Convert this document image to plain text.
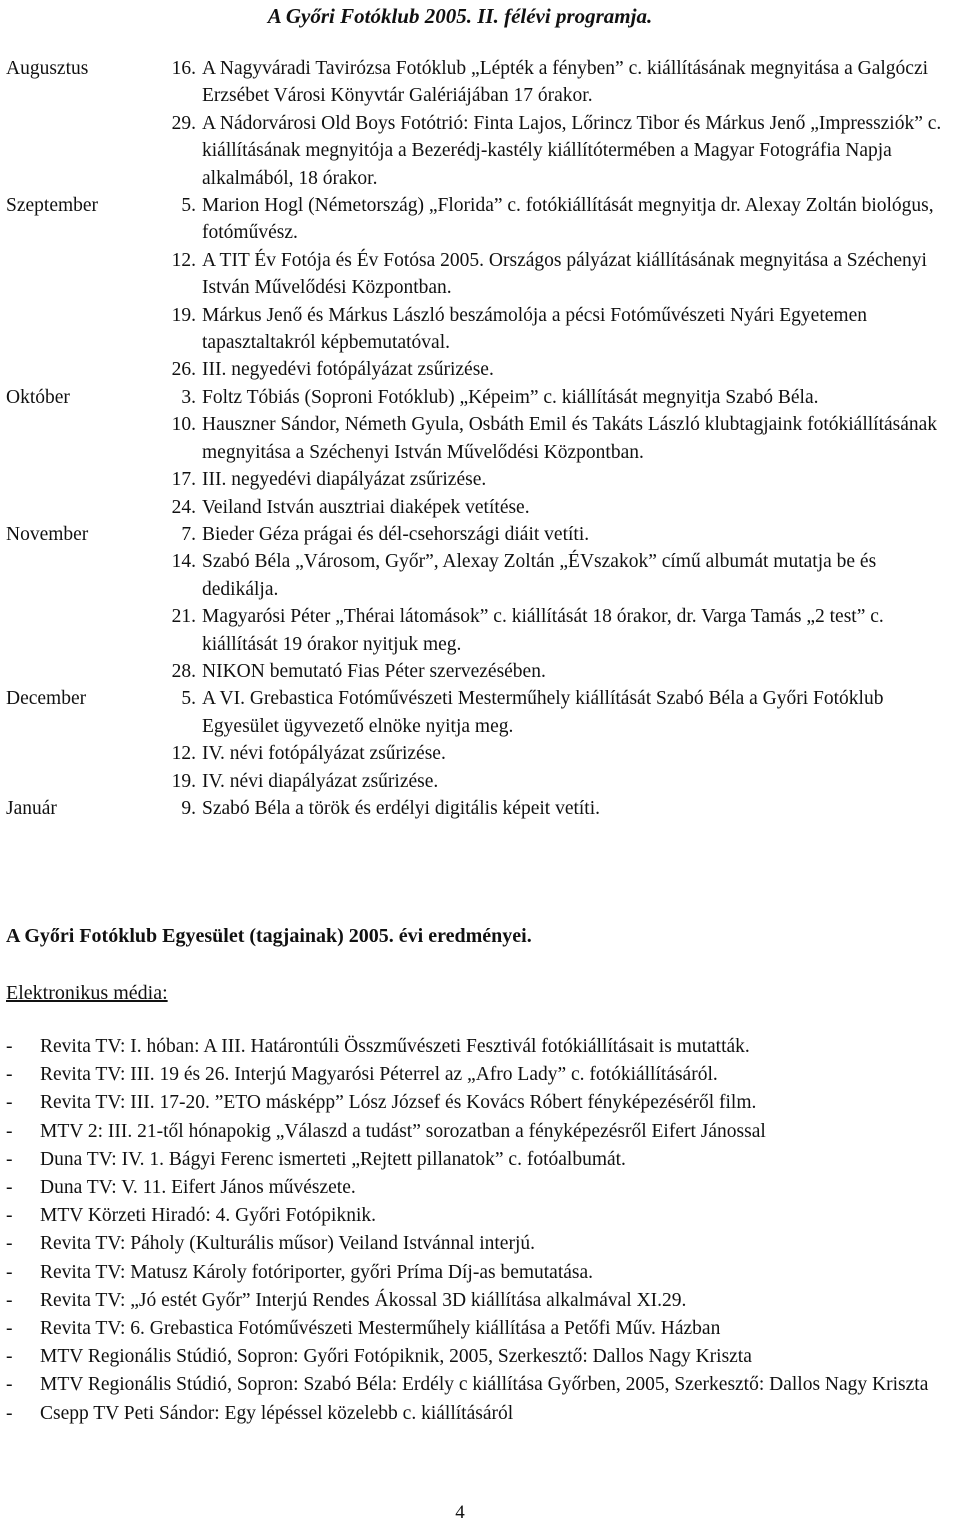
A Győri Fotóklub 2005. II. félévi programja.
Augusztus	16. A Nagyváradi Tavirózsa Fotóklub „Lépték a fényben” c. kiállításának megnyitása a Galgóczi Erzsébet Városi Könyvtár Galériájában 17 órakor.
29. A Nádorvárosi Old Boys Fotótrió: Finta Lajos, Lőrincz Tibor és Márkus Jenő „Impressziók” c. kiállításának megnyitója a Bezerédj-kastély kiállítótermében a Magyar Fotográfia Napja alkalmából, 18 órakor.
Szeptember	5. Marion Hogl (Németország) „Florida” c. fotókiállítását megnyitja dr. Alexay Zoltán biológus, fotóművész.
12. A TIT Év Fotója és Év Fotósa 2005. Országos pályázat kiállításának megnyitása a Széchenyi István Művelődési Központban.
19. Márkus Jenő és Márkus László beszámolója a pécsi Fotóművészeti Nyári Egyetemen tapasztaltakról képbemutatóval.
26. III. negyedévi fotópályázat zsűrizése.
Október	3. Foltz Tóbiás (Soproni Fotóklub) „Képeim” c. kiállítását megnyitja Szabó Béla.
10. Hauszner Sándor, Németh Gyula, Osbáth Emil és Takáts László klubtagjaink fotókiállításának megnyitása a Széchenyi István Művelődési Központban.
17. III. negyedévi diapályázat zsűrizése.
24. Veiland István ausztriai diaképek vetítése.
November	7. Bieder Géza prágai és dél-csehországi diáit vetíti.
14. Szabó Béla „Városom, Győr”, Alexay Zoltán „ÉVszakok” című albumát mutatja be és dedikálja.
21. Magyarósi Péter „Thérai látomások” c. kiállítását 18 órakor, dr. Varga Tamás „2 test” c. kiállítását 19 órakor nyitjuk meg.
28. NIKON bemutató Fias Péter szervezésében.
December	5. A VI. Grebastica Fotóművészeti Mesterműhely kiállítását Szabó Béla a Győri Fotóklub Egyesület ügyvezető elnöke nyitja meg.
12. IV. névi fotópályázat zsűrizése.
19. IV. névi diapályázat zsűrizése.
Január	9. Szabó Béla a török és erdélyi digitális képeit vetíti.
A Győri Fotóklub Egyesület (tagjainak) 2005. évi eredményei.
Elektronikus média:
-	Revita TV: I. hóban: A III. Határontúli Összművészeti Fesztivál fotókiállításait is mutatták.
-	Revita TV: III. 19 és 26. Interjú Magyarósi Péterrel az „Afro Lady” c. fotókiállításáról.
-	Revita TV: III. 17-20. ”ETO másképp” Lósz József és Kovács Róbert fényképezéséről film.
-	MTV 2: III. 21-től hónapokig „Válaszd a tudást” sorozatban a fényképezésről Eifert Jánossal
-	Duna TV: IV. 1. Bágyi Ferenc ismerteti „Rejtett pillanatok” c. fotóalbumát.
-	Duna TV: V. 11. Eifert János művészete.
-	MTV Körzeti Hiradó: 4. Győri Fotópiknik.
-	Revita TV: Páholy (Kulturális műsor) Veiland Istvánnal interjú.
-	Revita TV: Matusz Károly fotóriporter, győri Príma Díj-as bemutatása.
-	Revita TV: „Jó estét Győr” Interjú Rendes Ákossal 3D kiállítása alkalmával XI.29.
-	Revita TV: 6. Grebastica Fotóművészeti Mesterműhely kiállítása a Petőfi Műv. Házban
-	MTV Regionális Stúdió, Sopron: Győri Fotópiknik, 2005, Szerkesztő: Dallos Nagy Kriszta
-	MTV Regionális Stúdió, Sopron: Szabó Béla: Erdély c kiállítása Győrben, 2005, Szerkesztő: Dallos Nagy Kriszta
-	Csepp TV Peti Sándor: Egy lépéssel közelebb c. kiállításáról
4
